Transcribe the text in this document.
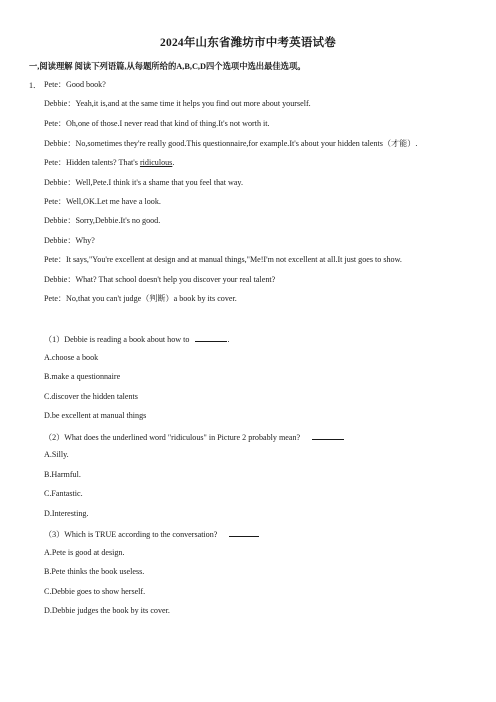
2024年山东省潍坊市中考英语试卷
一,阅读理解 阅读下列语篇,从每题所给的A,B,C,D四个选项中选出最佳选项。
1． Pete：Good book?
Debbie：Yeah,it is,and at the same time it helps you find out more about yourself.
Pete：Oh,one of those.I never read that kind of thing.It's not worth it.
Debbie：No,sometimes they're really good.This questionnaire,for example.It's about your hidden talents（才能）.
Pete：Hidden talents? That's ridiculous.
Debbie：Well,Pete.I think it's a shame that you feel that way.
Pete：Well,OK.Let me have a look.
Debbie：Sorry,Debbie.It's no good.
Debbie：Why?
Pete：It says,"You're excellent at design and at manual things,"Me!I'm not excellent at all.It just goes to show.
Debbie：What? That school doesn't help you discover your real talent?
Pete：No,that you can't judge（判断）a book by its cover.
（1）Debbie is reading a book about how to	.
A.choose a book
B.make a questionnaire
C.discover the hidden talents
D.be excellent at manual things
（2）What does the underlined word "ridiculous" in Picture 2 probably mean?
A.Silly.
B.Harmful.
C.Fantastic.
D.Interesting.
（3）Which is TRUE according to the conversation?
A.Pete is good at design.
B.Pete thinks the book useless.
C.Debbie goes to show herself.
D.Debbie judges the book by its cover.
